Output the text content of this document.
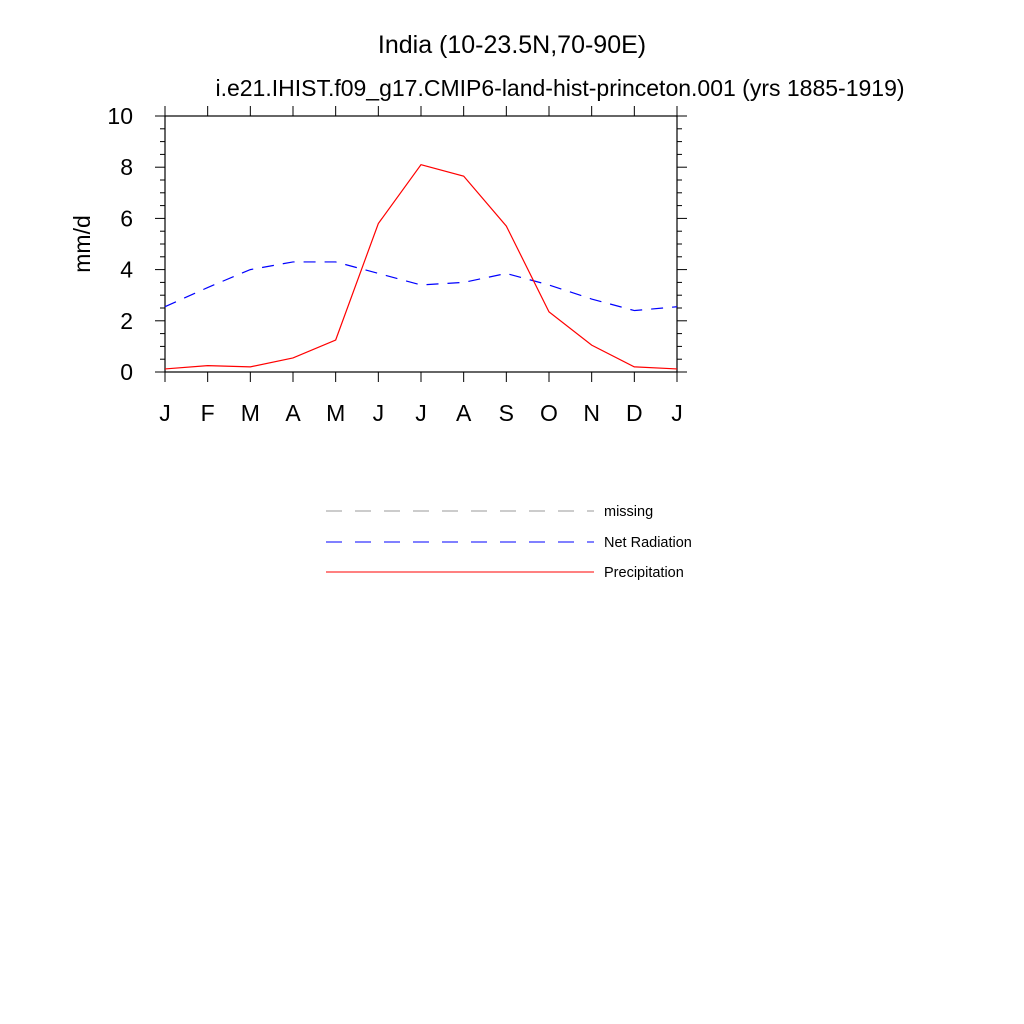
India (10-23.5N,70-90E)
i.e21.IHIST.f09_g17.CMIP6-land-hist-princeton.001 (yrs 1885-1919)
mm/d
0
2
4
6
8
10
J F M A M J J A S O N D J
missing
Net Radiation
Precipitation
